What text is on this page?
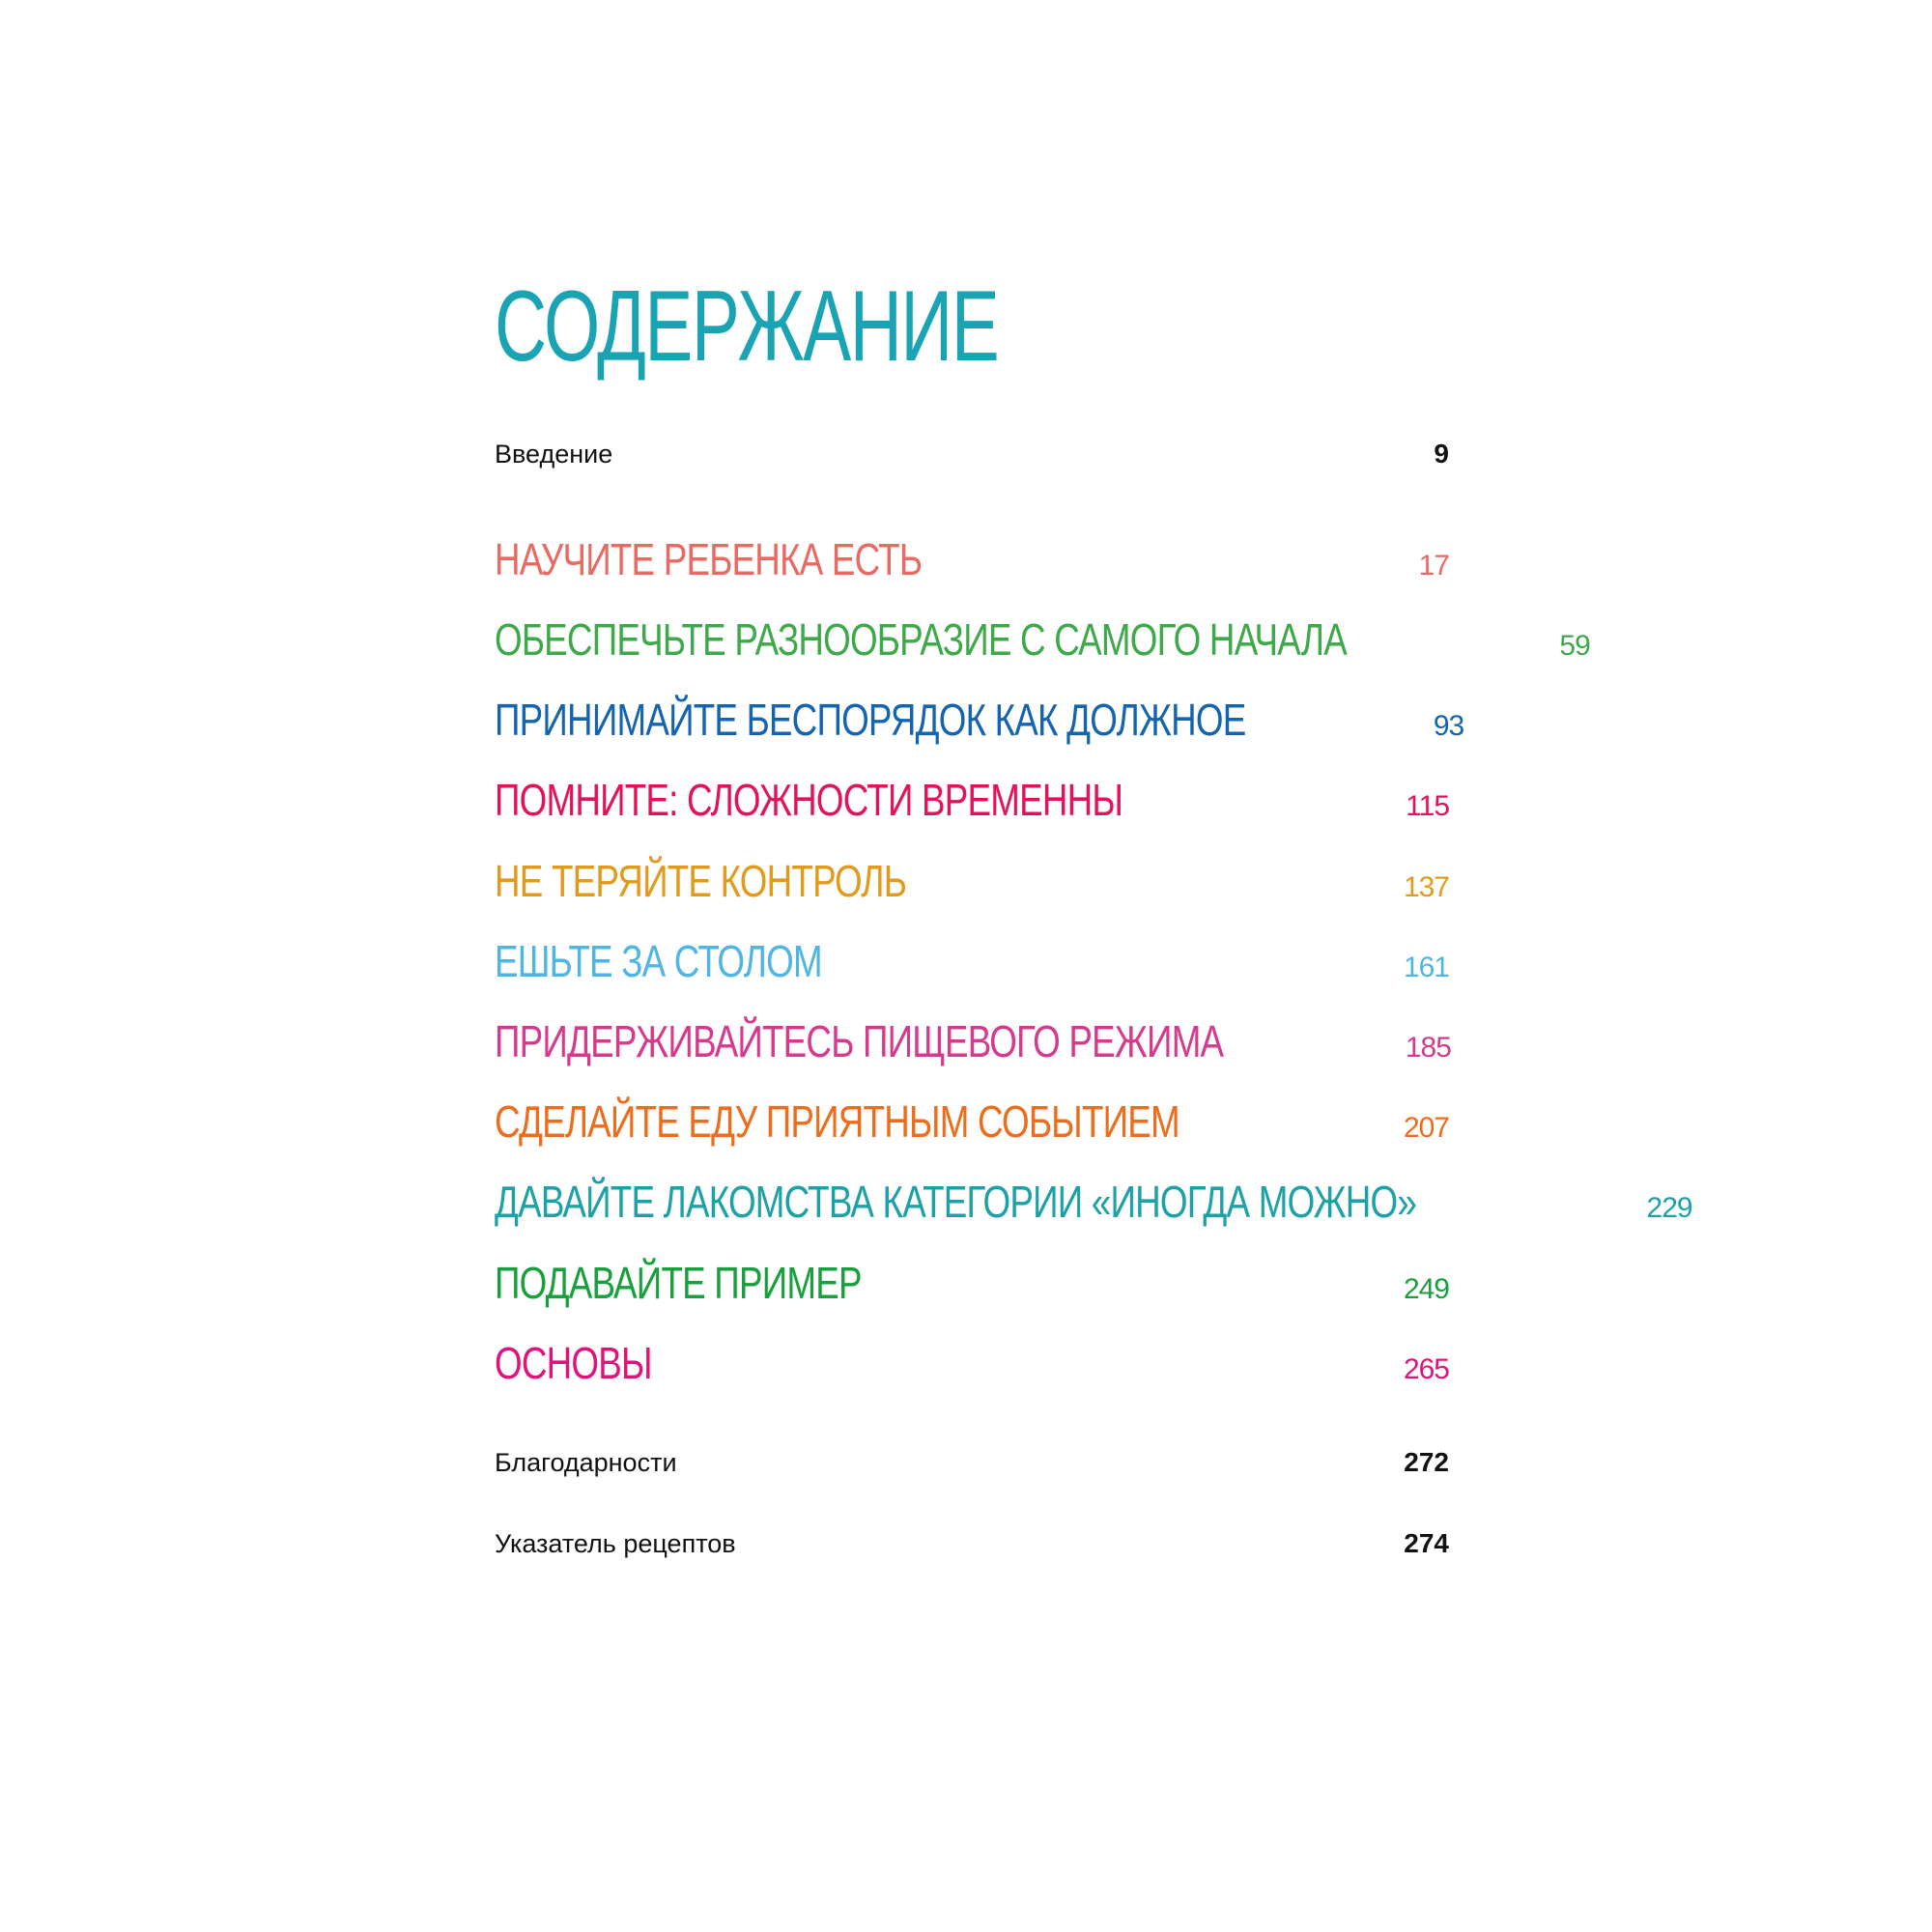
СОДЕРЖАНИЕ
Введение	9
НАУЧИТЕ РЕБЕНКА ЕСТЬ	17
ОБЕСПЕЧЬТЕ РАЗНООБРАЗИЕ С САМОГО НАЧАЛА	59
ПРИНИМАЙТЕ БЕСПОРЯДОК КАК ДОЛЖНОЕ	93
ПОМНИТЕ: СЛОЖНОСТИ ВРЕМЕННЫ	115
НЕ ТЕРЯЙТЕ КОНТРОЛЬ	137
ЕШЬТЕ ЗА СТОЛОМ	161
ПРИДЕРЖИВАЙТЕСЬ ПИЩЕВОГО РЕЖИМА	185
СДЕЛАЙТЕ ЕДУ ПРИЯТНЫМ СОБЫТИЕМ	207
ДАВАЙТЕ ЛАКОМСТВА КАТЕГОРИИ «ИНОГДА МОЖНО»	229
ПОДАВАЙТЕ ПРИМЕР	249
ОСНОВЫ	265
Благодарности	272
Указатель рецептов	274
